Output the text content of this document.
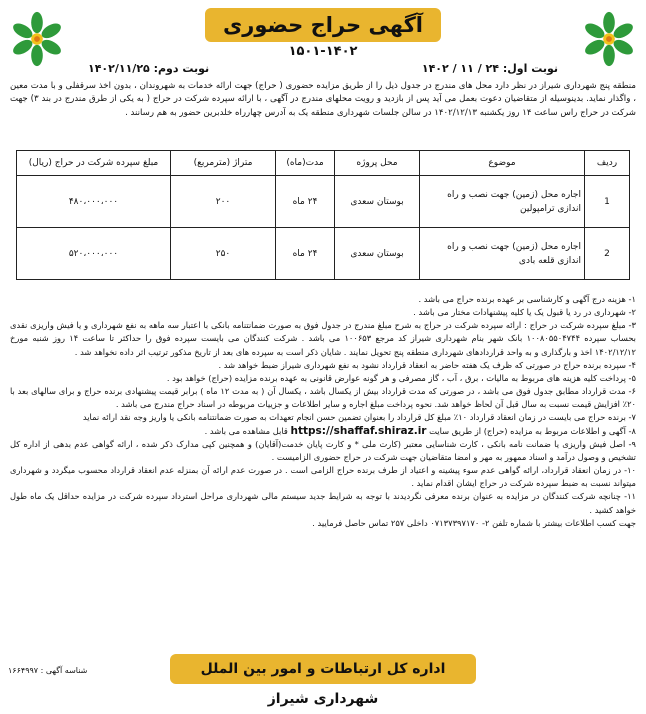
آگهی حراج حضوری
۱۵۰۱-۱۴۰۲
نوبت اول: ۲۴ / ۱۱ / ۱۴۰۲
نوبت دوم: ۱۴۰۲/۱۱/۲۵
منطقه پنج شهرداری شیراز در نظر دارد محل های مندرج در جدول ذیل را از طریق مزایده حضوری ( حراج) جهت ارائه خدمات به شهروندان ، بدون اخذ سرقفلی و با مدت معین ، واگذار نماید. بدینوسیله از متقاضیان دعوت بعمل می آید پس از بازدید و رویت محلهای مندرج در آگهی ، با ارائه سپرده شرکت در حراج ( به یکی از طرق مندرج در بند ۳) جهت شرکت در حراج راس ساعت ۱۴ روز یکشنبه ۱۴۰۲/۱۲/۱۳ در سالن جلسات شهرداری منطقه یک به آدرس چهارراه خلدبرین حضور به هم رسانند .
ردیف	موضوع	محل پروژه	مدت(ماه)	متراژ (مترمربع)	مبلغ سپرده شرکت در حراج (ریال)
1	اجاره محل (زمین) جهت نصب و راه اندازی ترامپولین	بوستان سعدی	۲۴ ماه	۲۰۰	۴۸۰،۰۰۰،۰۰۰
2	اجاره محل (زمین) جهت نصب و راه اندازی قلعه بادی	بوستان سعدی	۲۴ ماه	۲۵۰	۵۲۰،۰۰۰،۰۰۰

۱- هزینه درج آگهی و کارشناسی بر عهده برنده حراج می باشد .

۲- شهرداری در رد یا قبول یک یا کلیه پیشنهادات مختار می باشد .

۳- مبلغ سپرده شرکت در حراج : ارائه سپرده شرکت در حراج به شرح مبلغ مندرج در جدول فوق به صورت ضمانتنامه بانکی با اعتبار سه ماهه به نفع شهرداری و یا فیش واریزی نقدی بحساب سپرده ۱۰۰۸۰۵۵۰۴۷۴۴ بانک شهر بنام شهرداری شیراز کد مرجع ۱۰۰۶۵۳ می باشد . شرکت کنندگان می بایست سپرده فوق را حداکثر تا ساعت ۱۴ روز شنبه مورخ ۱۴۰۲/۱۲/۱۲ اخذ و بارگذاری و به واحد قراردادهای شهرداری منطقه پنج تحویل نمایند . شایان ذکر است به سپرده های بعد از تاریخ مذکور ترتیب اثر داده نخواهد شد .

۴- سپرده برنده حراج در صورتی که ظرف یک هفته حاضر به انعقاد قرارداد نشود به نفع شهرداری شیراز ضبط خواهد شد .

۵- پرداخت کلیه هزینه های مربوط به مالیات ، برق ، آب ، گاز مصرفی و هر گونه عوارض قانونی به عهده برنده مزایده (حراج) خواهد بود .

۶- مدت قرارداد مطابق جدول فوق می باشد ، در صورتی که مدت قرارداد بیش از یکسال باشد ، یکسال آن ( به مدت ۱۲ ماه ) برابر قیمت پیشنهادی برنده حراج و برای سالهای بعد با ۲۰٪ افزایش قیمت نسبت به سال قبل آن لحاظ خواهد شد. نحوه پرداخت مبلغ اجاره و سایر اطلاعات و جزییات مربوطه در اسناد حراج مندرج می باشد .

۷- برنده حراج می بایست در زمان انعقاد قرارداد ۱۰٪ مبلغ کل قرارداد را بعنوان تضمین حسن انجام تعهدات به صورت ضمانتنامه بانکی یا واریز وجه نقد ارائه نماید

۸- آگهی و اطلاعات مربوط به مزایده (حراج) از طریق سایت https://shaffaf.shiraz.ir قابل مشاهده می باشد .

۹- اصل فیش واریزی یا ضمانت نامه بانکی ، کارت شناسایی معتبر (کارت ملی * و کارت پایان خدمت(آقایان) و همچنین کپی مدارک ذکر شده ، ارائه گواهی عدم بدهی از اداره کل تشخیص و وصول درآمد و اسناد ممهور به مهر و امضا متقاضیان جهت شرکت در حراج حضوری الزامیست .

۱۰- در زمان انعقاد قرارداد، ارائه گواهی عدم سوء پیشینه و اعتیاد از طرف برنده حراج الزامی است . در صورت عدم ارائه آن بمنزله عدم انعقاد قرارداد محسوب میگردد و شهرداری میتواند نسبت به ضبط سپرده شرکت در حراج ایشان اقدام نماید .

۱۱- چنانچه شرکت کنندگان در مزایده به عنوان برنده معرفی نگردیدند با توجه به شرایط جدید سیستم مالی شهرداری مراحل استرداد سپرده شرکت در مزایده حداقل یک ماه طول خواهد کشید .

جهت کسب اطلاعات بیشتر با شماره تلفن ۲- ۰۷۱۳۷۳۹۷۱۷۰ داخلی ۲۵۷ تماس حاصل فرمایید .

شناسه آگهی : ۱۶۶۴۹۹۷	اداره کل ارتباطات و امور بین الملل شهرداری شیراز
